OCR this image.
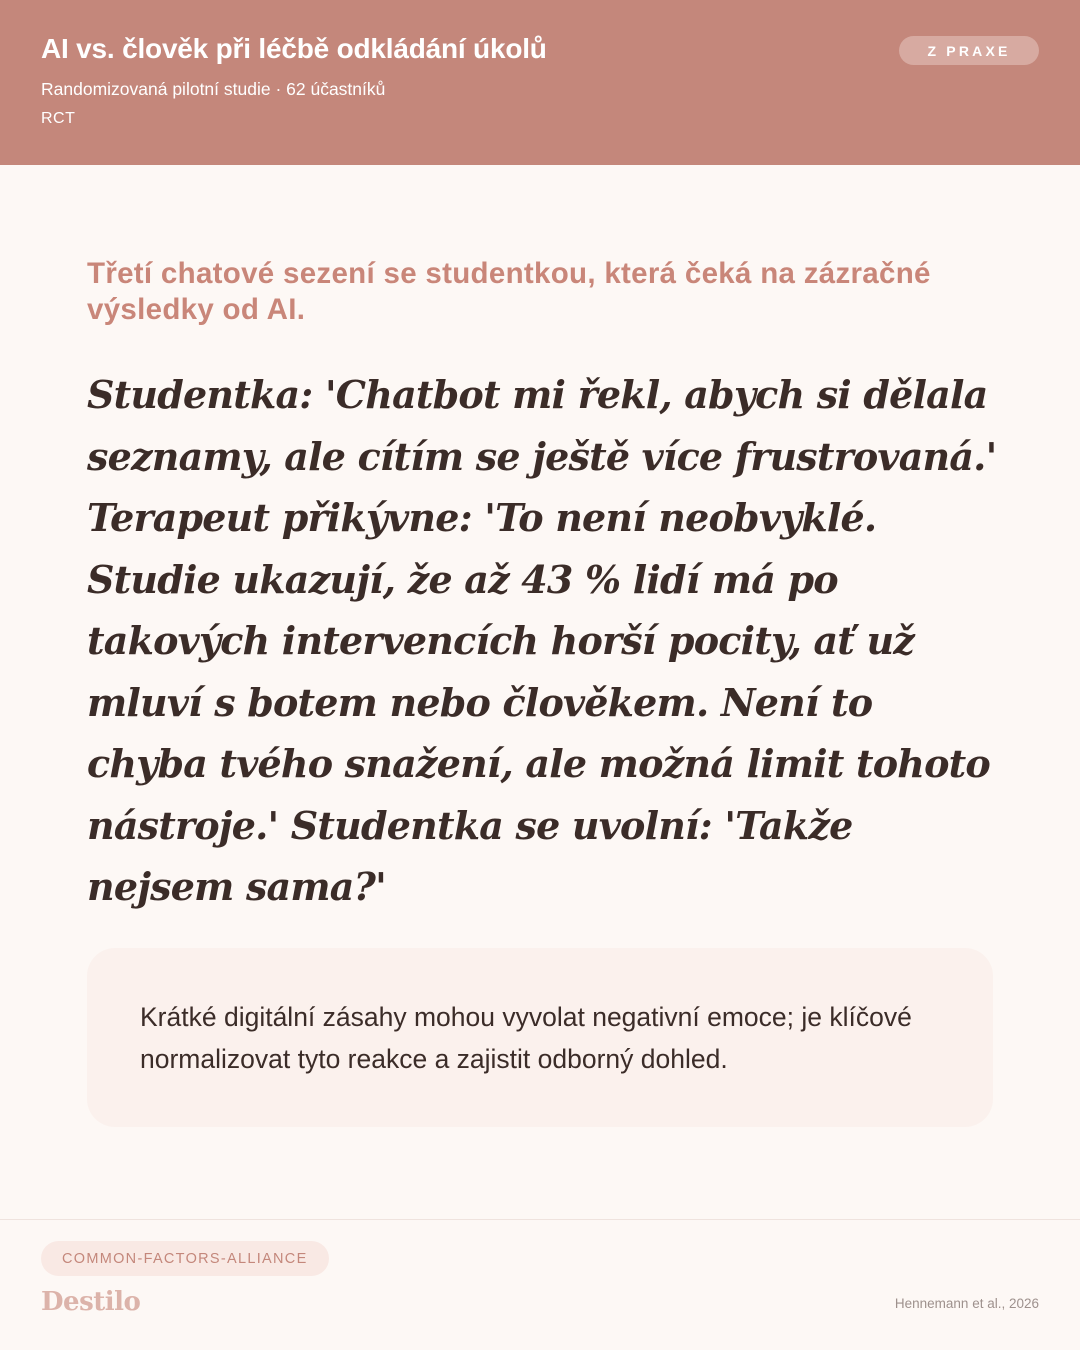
AI vs. člověk při léčbě odkládání úkolů
Randomizovaná pilotní studie · 62 účastníků
RCT
Z PRAXE
Třetí chatové sezení se studentkou, která čeká na zázračné výsledky od AI.
Studentka: 'Chatbot mi řekl, abych si dělala seznamy, ale cítím se ještě více frustrovaná.' Terapeut přikývne: 'To není neobvyklé. Studie ukazují, že až 43 % lidí má po takových intervencích horší pocity, ať už mluví s botem nebo člověkem. Není to chyba tvého snažení, ale možná limit tohoto nástroje.' Studentka se uvolní: 'Takže nejsem sama?'
Krátké digitální zásahy mohou vyvolat negativní emoce; je klíčové normalizovat tyto reakce a zajistit odborný dohled.
COMMON-FACTORS-ALLIANCE
Destilo	Hennemann et al., 2026
